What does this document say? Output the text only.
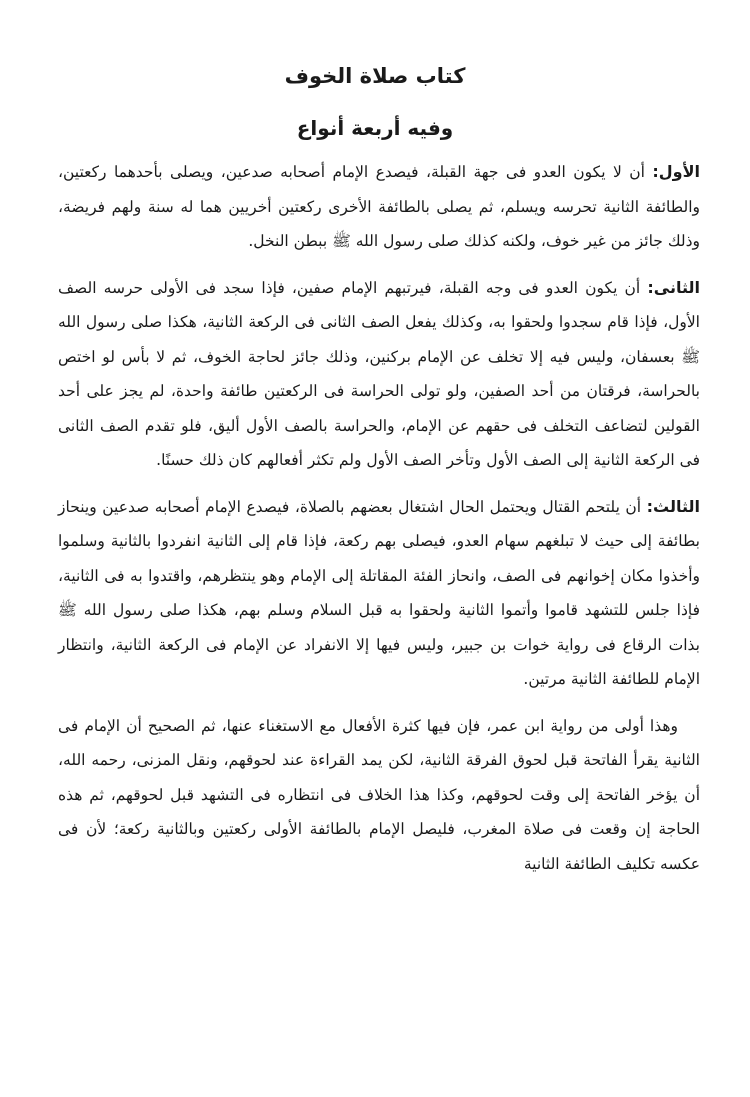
كتاب صلاة الخوف
وفيه أربعة أنواع

الأول: أن لا يكون العدو فى جهة القبلة، فيصدع الإمام أصحابه صدعين، ويصلى بأحدهما ركعتين، والطائفة الثانية تحرسه ويسلم، ثم يصلى بالطائفة الأخرى ركعتين أخريين هما له سنة ولهم فريضة، وذلك جائز من غير خوف، ولكنه كذلك صلى رسول الله ﷺ ببطن النخل.

الثانى: أن يكون العدو فى وجه القبلة، فيرتبهم الإمام صفين، فإذا سجد فى الأولى حرسه الصف الأول، فإذا قام سجدوا ولحقوا به، وكذلك يفعل الصف الثانى فى الركعة الثانية، هكذا صلى رسول الله ﷺ بعسفان، وليس فيه إلا تخلف عن الإمام بركنين، وذلك جائز لحاجة الخوف، ثم لا بأس لو اختص بالحراسة، فرقتان من أحد الصفين، ولو تولى الحراسة فى الركعتين طائفة واحدة، لم يجز على أحد القولين لتضاعف التخلف فى حقهم عن الإمام، والحراسة بالصف الأول أليق، فلو تقدم الصف الثانى فى الركعة الثانية إلى الصف الأول وتأخر الصف الأول ولم تكثر أفعالهم كان ذلك حسنًا.

الثالث: أن يلتحم القتال ويحتمل الحال اشتغال بعضهم بالصلاة، فيصدع الإمام أصحابه صدعين وينحاز بطائفة إلى حيث لا تبلغهم سهام العدو، فيصلى بهم ركعة، فإذا قام إلى الثانية انفردوا بالثانية وسلموا وأخذوا مكان إخوانهم فى الصف، وانحاز الفئة المقاتلة إلى الإمام وهو ينتظرهم، واقتدوا به فى الثانية، فإذا جلس للتشهد قاموا وأتموا الثانية ولحقوا به قبل السلام وسلم بهم، هكذا صلى رسول الله ﷺ بذات الرقاع فى رواية خوات بن جبير، وليس فيها إلا الانفراد عن الإمام فى الركعة الثانية، وانتظار الإمام للطائفة الثانية مرتين.

وهذا أولى من رواية ابن عمر، فإن فيها كثرة الأفعال مع الاستغناء عنها، ثم الصحيح أن الإمام فى الثانية يقرأ الفاتحة قبل لحوق الفرقة الثانية، لكن يمد القراءة عند لحوقهم، ونقل المزنى، رحمه الله، أن يؤخر الفاتحة إلى وقت لحوقهم، وكذا هذا الخلاف فى انتظاره فى التشهد قبل لحوقهم، ثم هذه الحاجة إن وقعت فى صلاة المغرب، فليصل الإمام بالطائفة الأولى ركعتين وبالثانية ركعة؛ لأن فى عكسه تكليف الطائفة الثانية
